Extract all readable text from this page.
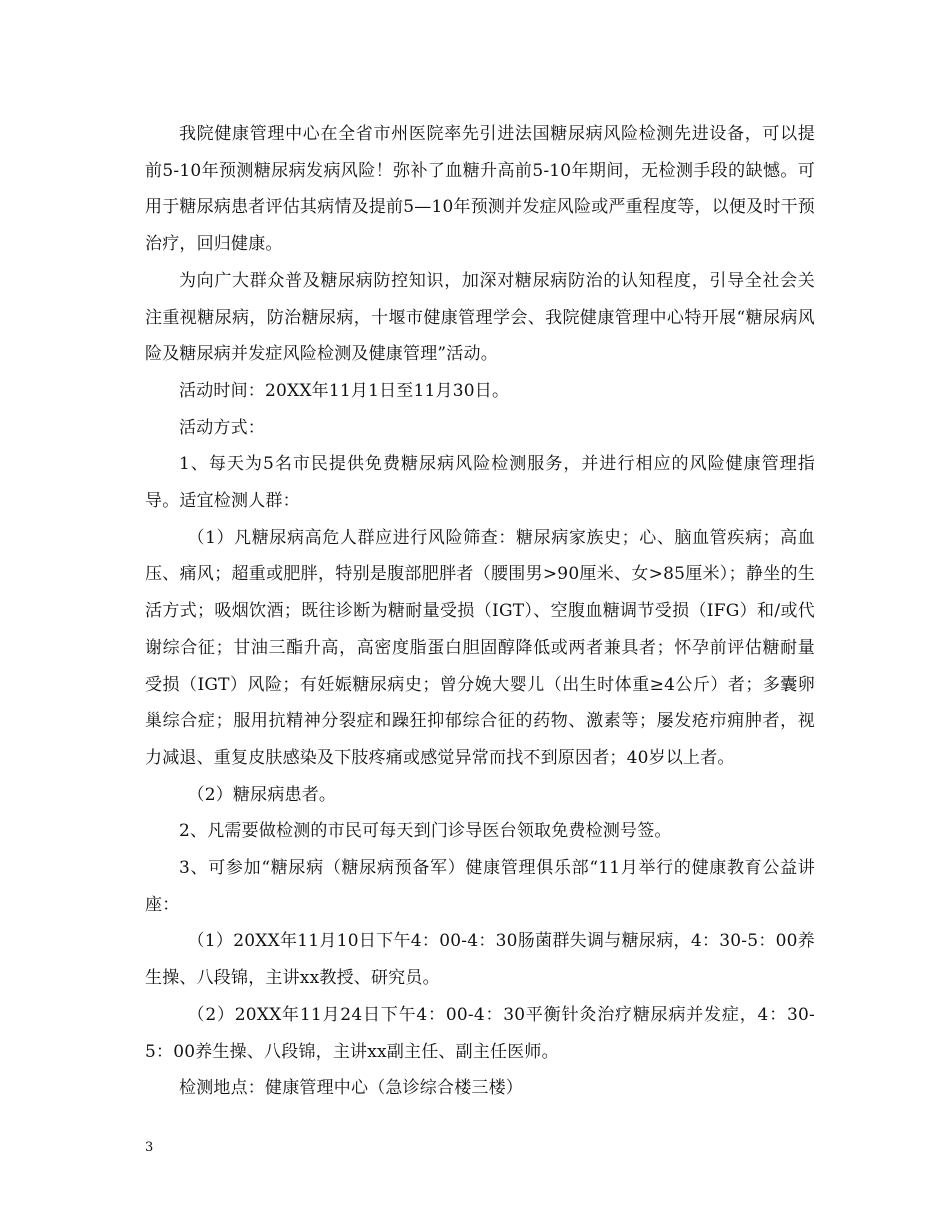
我院健康管理中心在全省市州医院率先引进法国糖尿病风险检测先进设备，可以提前5-10年预测糖尿病发病风险！弥补了血糖升高前5-10年期间，无检测手段的缺憾。可用于糖尿病患者评估其病情及提前5—10年预测并发症风险或严重程度等，以便及时干预治疗，回归健康。

为向广大群众普及糖尿病防控知识，加深对糖尿病防治的认知程度，引导全社会关注重视糖尿病，防治糖尿病，十堰市健康管理学会、我院健康管理中心特开展“糖尿病风险及糖尿病并发症风险检测及健康管理”活动。

活动时间：20XX年11月1日至11月30日。

活动方式：

1、每天为5名市民提供免费糖尿病风险检测服务，并进行相应的风险健康管理指导。适宜检测人群：

（1）凡糖尿病高危人群应进行风险筛查：糖尿病家族史；心、脑血管疾病；高血压、痛风；超重或肥胖，特别是腹部肥胖者（腰围男>90厘米、女>85厘米）；静坐的生活方式；吸烟饮酒；既往诊断为糖耐量受损（IGT）、空腹血糖调节受损（IFG）和/或代谢综合征；甘油三酯升高，高密度脂蛋白胆固醇降低或两者兼具者；怀孕前评估糖耐量受损（IGT）风险；有妊娠糖尿病史；曾分娩大婴儿（出生时体重≥4公斤）者；多囊卵巢综合症；服用抗精神分裂症和躁狂抑郁综合征的药物、激素等；屡发疮疖痈肿者，视力减退、重复皮肤感染及下肢疼痛或感觉异常而找不到原因者；40岁以上者。

（2）糖尿病患者。

2、凡需要做检测的市民可每天到门诊导医台领取免费检测号签。

3、可参加“糖尿病（糖尿病预备军）健康管理俱乐部“11月举行的健康教育公益讲座：

（1）20XX年11月10日下午4：00-4：30肠菌群失调与糖尿病，4：30-5：00养生操、八段锦，主讲xx教授、研究员。

（2）20XX年11月24日下午4：00-4：30平衡针灸治疗糖尿病并发症，4：30-5：00养生操、八段锦，主讲xx副主任、副主任医师。

检测地点：健康管理中心（急诊综合楼三楼）

3
